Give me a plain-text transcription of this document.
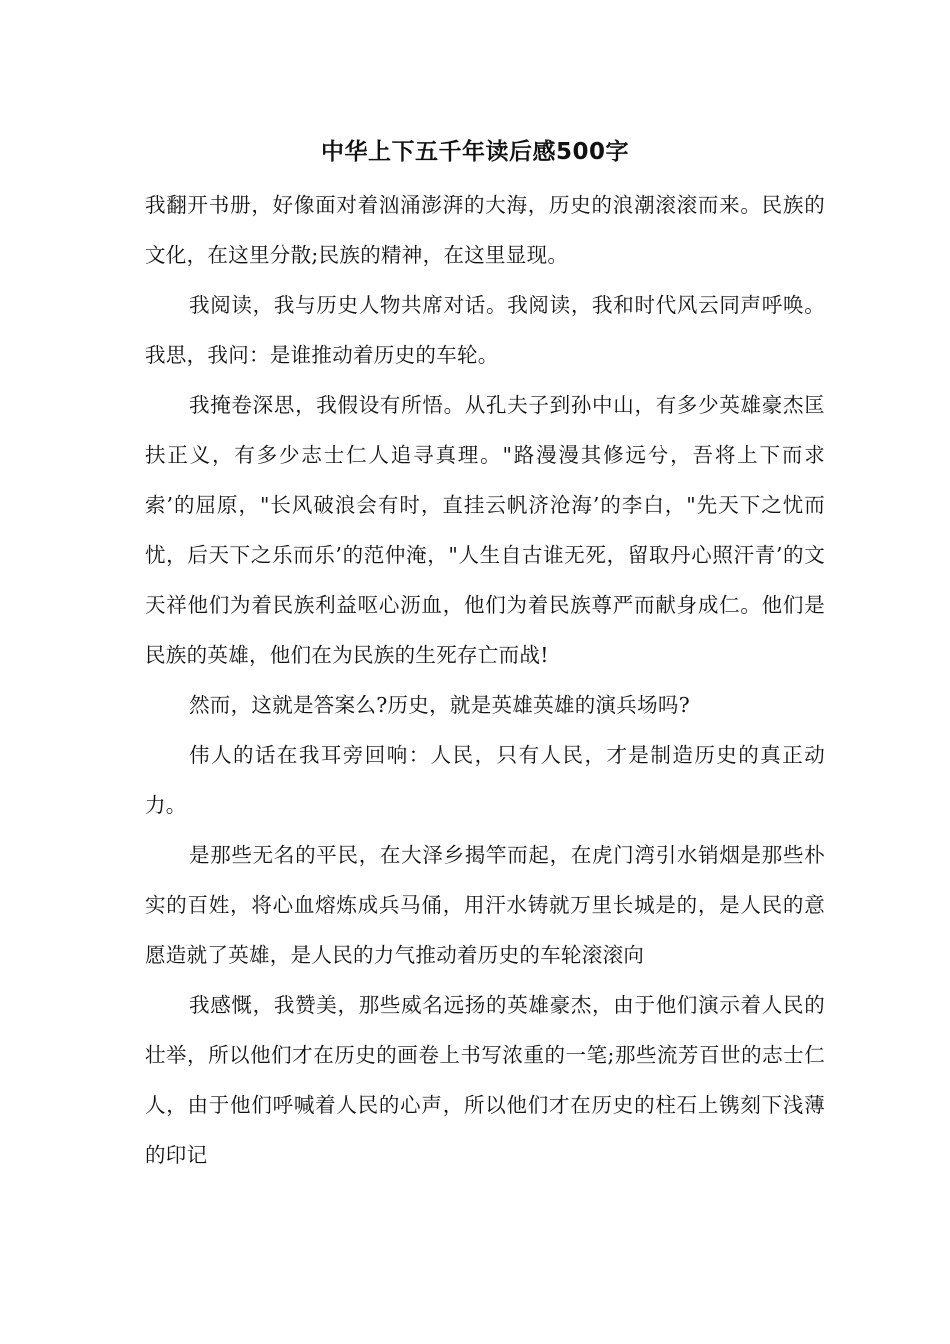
中华上下五千年读后感500字

我翻开书册，好像面对着汹涌澎湃的大海，历史的浪潮滚滚而来。民族的文化，在这里分散;民族的精神，在这里显现。

我阅读，我与历史人物共席对话。我阅读，我和时代风云同声呼唤。我思，我问：是谁推动着历史的车轮。

我掩卷深思，我假设有所悟。从孔夫子到孙中山，有多少英雄豪杰匡扶正义，有多少志士仁人追寻真理。"路漫漫其修远兮，吾将上下而求索’的屈原，"长风破浪会有时，直挂云帆济沧海’的李白，"先天下之忧而忧，后天下之乐而乐’的范仲淹，"人生自古谁无死，留取丹心照汗青’的文天祥他们为着民族利益呕心沥血，他们为着民族尊严而献身成仁。他们是民族的英雄，他们在为民族的生死存亡而战!

然而，这就是答案么?历史，就是英雄英雄的演兵场吗?

伟人的话在我耳旁回响：人民，只有人民，才是制造历史的真正动力。

是那些无名的平民，在大泽乡揭竿而起，在虎门湾引水销烟是那些朴实的百姓，将心血熔炼成兵马俑，用汗水铸就万里长城是的，是人民的意愿造就了英雄，是人民的力气推动着历史的车轮滚滚向

我感慨，我赞美，那些威名远扬的英雄豪杰，由于他们演示着人民的壮举，所以他们才在历史的画卷上书写浓重的一笔;那些流芳百世的志士仁人，由于他们呼喊着人民的心声，所以他们才在历史的柱石上镌刻下浅薄的印记
